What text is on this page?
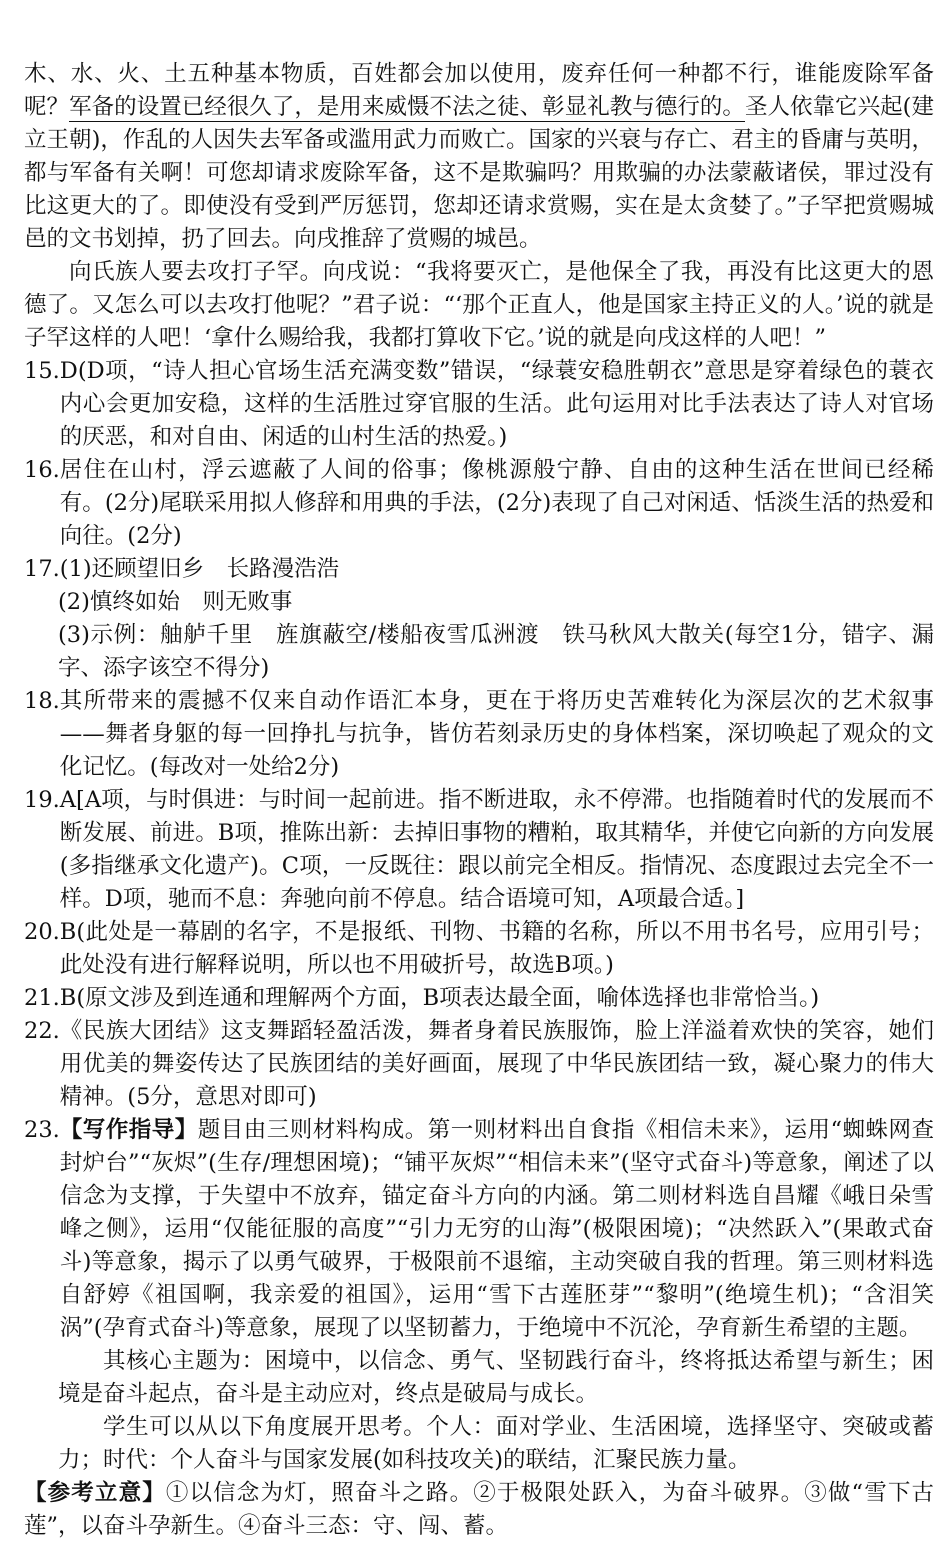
木、水、火、土五种基本物质，百姓都会加以使用，废弃任何一种都不行，谁能废除军备呢？军备的设置已经很久了，是用来威慑不法之徒、彰显礼教与德行的。圣人依靠它兴起(建立王朝)，作乱的人因失去军备或滥用武力而败亡。国家的兴衰与存亡、君主的昏庸与英明，都与军备有关啊！可您却请求废除军备，这不是欺骗吗？用欺骗的办法蒙蔽诸侯，罪过没有比这更大的了。即使没有受到严厉惩罚，您却还请求赏赐，实在是太贪婪了。”子罕把赏赐城邑的文书划掉，扔了回去。向戌推辞了赏赐的城邑。

向氏族人要去攻打子罕。向戌说：“我将要灭亡，是他保全了我，再没有比这更大的恩德了。又怎么可以去攻打他呢？”君子说：“‘那个正直人，他是国家主持正义的人。’说的就是子罕这样的人吧！‘拿什么赐给我，我都打算收下它。’说的就是向戌这样的人吧！”

15. D(D项，“诗人担心官场生活充满变数”错误，“绿蓑安稳胜朝衣”意思是穿着绿色的蓑衣内心会更加安稳，这样的生活胜过穿官服的生活。此句运用对比手法表达了诗人对官场的厌恶，和对自由、闲适的山村生活的热爱。)
16. 居住在山村，浮云遮蔽了人间的俗事；像桃源般宁静、自由的这种生活在世间已经稀有。(2分)尾联采用拟人修辞和用典的手法，(2分)表现了自己对闲适、恬淡生活的热爱和向往。(2分)
17. (1)还顾望旧乡　长路漫浩浩

(2)慎终如始　则无败事

(3)示例：舳舻千里　旌旗蔽空/楼船夜雪瓜洲渡　铁马秋风大散关(每空1分，错字、漏字、添字该空不得分)

18. 其所带来的震撼不仅来自动作语汇本身，更在于将历史苦难转化为深层次的艺术叙事——舞者身躯的每一回挣扎与抗争，皆仿若刻录历史的身体档案，深切唤起了观众的文化记忆。(每改对一处给2分)
19. A[A项，与时俱进：与时间一起前进。指不断进取，永不停滞。也指随着时代的发展而不断发展、前进。B项，推陈出新：去掉旧事物的糟粕，取其精华，并使它向新的方向发展(多指继承文化遗产)。C项，一反既往：跟以前完全相反。指情况、态度跟过去完全不一样。D项，驰而不息：奔驰向前不停息。结合语境可知，A项最合适。]
20. B(此处是一幕剧的名字，不是报纸、刊物、书籍的名称，所以不用书名号，应用引号；此处没有进行解释说明，所以也不用破折号，故选B项。)
21. B(原文涉及到连通和理解两个方面，B项表达最全面，喻体选择也非常恰当。)
22. 《民族大团结》这支舞蹈轻盈活泼，舞者身着民族服饰，脸上洋溢着欢快的笑容，她们用优美的舞姿传达了民族团结的美好画面，展现了中华民族团结一致，凝心聚力的伟大精神。(5分，意思对即可)
23. 【写作指导】题目由三则材料构成。第一则材料出自食指《相信未来》，运用“蜘蛛网查封炉台”“灰烬”(生存/理想困境)；“铺平灰烬”“相信未来”(坚守式奋斗)等意象，阐述了以信念为支撑，于失望中不放弃，锚定奋斗方向的内涵。第二则材料选自昌耀《峨日朵雪峰之侧》，运用“仅能征服的高度”“引力无穷的山海”(极限困境)；“决然跃入”(果敢式奋斗)等意象，揭示了以勇气破界，于极限前不退缩，主动突破自我的哲理。第三则材料选自舒婷《祖国啊，我亲爱的祖国》，运用“雪下古莲胚芽”“黎明”(绝境生机)；“含泪笑涡”(孕育式奋斗)等意象，展现了以坚韧蓄力，于绝境中不沉沦，孕育新生希望的主题。

其核心主题为：困境中，以信念、勇气、坚韧践行奋斗，终将抵达希望与新生；困境是奋斗起点，奋斗是主动应对，终点是破局与成长。

学生可以从以下角度展开思考。个人：面对学业、生活困境，选择坚守、突破或蓄力；时代：个人奋斗与国家发展(如科技攻关)的联结，汇聚民族力量。

【参考立意】①以信念为灯，照奋斗之路。②于极限处跃入，为奋斗破界。③做“雪下古莲”，以奋斗孕新生。④奋斗三态：守、闯、蓄。
